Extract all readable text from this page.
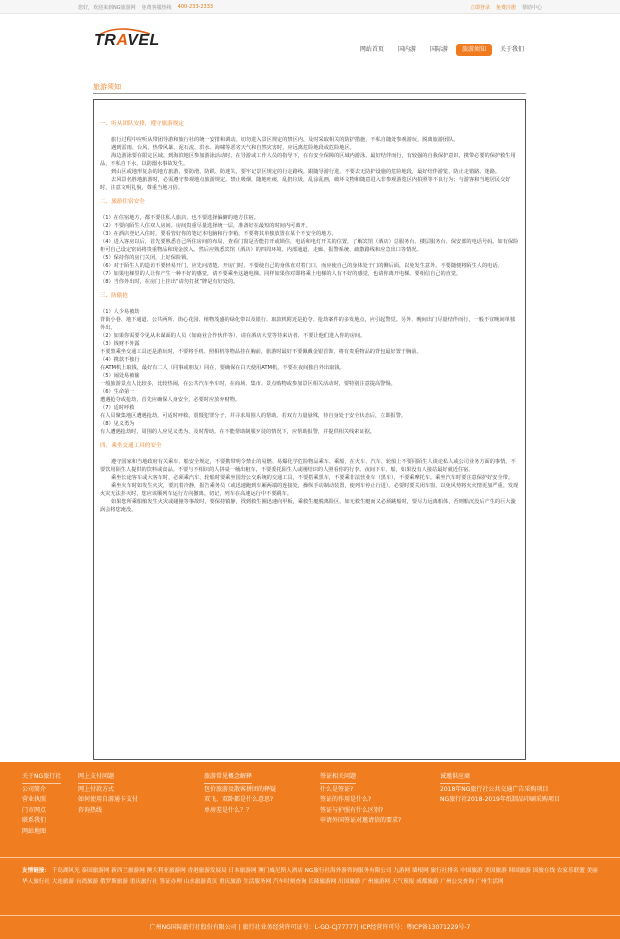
您好，欢迎来到NG旅游网 免费客服热线 400-233-2333	立即登录 免费注册 帮助中心
TRAVEL
网站首页	国内游	国际游	旅游须知	关于我们
旅游须知
一、听从团队安排，遵守旅游规定

旅行过程中应听从带团导游和旅行社的统一安排和调动。切勿进入景区规定的禁区内，及时采取相关的防护措施，不私自随处参观游玩，脱离旅游团队。

遇到雷雨、台风、热带风暴、泥石流、洪水、海啸等恶劣天气和自然灾害时，应远离危险地段或危险地区。

海边游泳要在限定区域。到海滨地区参加游泳活动时，在导游或工作人员的指导下，在有安全保障的区域内游泳，最好结伴而行，有较强的自我保护意识，携带必要的保护救生用品，不私自下水，以防溺水事故发生。

到山区或地形复杂的地方旅游，要防滑、防跌、防迷失，要牢记景区规定的行走路线，跟随导游行进，不要去无防护设施的危险地段，最好结伴游览，防止走错路、迷路。

去风景名胜地旅游时，必需遵守参观地点旅游规定。禁止吸烟，随地吐痰，乱扔垃圾，乱涂乱画，破坏文物和随意进入非参观游览区内拍照等不良行为；与游客和当地居民交好时，注意文明礼貌，尊重当地习俗。

二、旅游住宿安全

（1）在住宿地方，都不要住私人旅店，也不要选择偏僻的地方住宿。

（2）不要向陌生人住双人房间。房间贵重尽量选择统一层，准备好在最短的时间内可离开。

（3）在酒店登记入住时，要看管好你的笔记本电脑和行李箱，不要将其单独放置在某个不安全的地方。

（4）进入客房以后，首先要熟悉自己所住房间的布局，查看门窗是否能打开或锁住，电话和电灯开关的位置，了解宾馆（酒店）总服务台、楼层服务台、保安部的电话号码。如有保险柜可自己设定密码将贵重物品和现金放入。然后应熟悉宾馆（酒店）的四周环境、内部通道、走廊、报警系统、疏散路线和应急出口等情况。

（5）保持你的房门关闭，上好保险锁。

（6）对于陌生人的造访不要轻易开门，应先问清楚。开房门时，不要使自己的身体直对着门口，而应使自己的身体处于门的侧后面，以免发生意外。不要随便将陌生人的电话。

（7）如果电梯里的人让你产生一种不好的感觉，请不要乘坐这趟电梯。同样如果你对即将乘上电梯的人有不好的感觉，也请你离开电梯。要相信自己的直觉。

（8）当你外出时，在房门上挂出“请勿打扰”牌是有好处的。

三、防偷抢

（1）人少易被劫

背街小巷、地下通道、公共两所、街心花园、植物茂盛的绿化带以及银行、取款机附近是抢夺、抢劫案件的多发地点，应引起警觉。另外，晚间出门尽量结伴而行，一般不宜晚间单独外出。

（2）如果你需要令见从未谋面的人员（如商业合作伙伴等），请在酒店大堂等待来访者，不要让他们进入你的房间。

（3）钱财不外露

不要黑乘坐交通工具还是游玩时，不要将手机、照相机等物品挂在胸前，旅游时最好不要佩戴金银首饰，将有贵重物品的背包最好置于胸前。

（4）携款不独行

在ATM机上取钱，最好有二人（同事或朋友）同在，要确保在白天使用ATM机，不要在夜间独自外出取钱。

（5）闹处易被偷

一般旅游景点人比较多，比较热闹，在公共汽车坐车时，在商场、集市、景点购物或参加景区相关活动时，要特别注意提高警惕。

（6）生命第一

遭遇抢夺或抢劫，首先应确保人身安全，必要时应放弃财物。

（7）适时呼救

在人员聚集地区遭遇抢劫，可适时呼救，震慑犯罪分子，并寻求周围人的帮助。若双方力量悬殊，待自身处于安全状态后，立即报警。

（8）见义勇为

有人遭遇抢劫时，周围的人应见义勇为，及时帮助。在不能帮助制服歹徒的情况下，应帮助报警，并提供相关线索证据。

四、乘坐交通工具的安全

遵守国家和当地政府有关乘车、船安全规定，不要携带明令禁止的易燃、易爆化学危险物品乘车、乘船，在火车、汽车、轮船上不要同陌生人谈论私人或公司业务方面的事情。不要饮用陌生人提供的饮料或食品。不要与不相识的人拼桌一桶出租车，不要委托陌生人或刚结识的人照看你的行李。夜间下车、船，如果没有人接站最好就近住宿。

乘坐长途客车或大客车时，必须乘汽车、轮船时要乘坐国营公交系统的交通工具，不要搭乘黑车，不要乘非法营业车（黑车），不要乘摩托车。乘坐汽车时要注意保护好安全带。

乘坐火车时如发生火灾，要沉着冷静，报告乘务员（或迅速跑到车厢两端的连接处，操纵手动制动装置，使列车停止行进）。必要时要关闭车窗，以免风势将火火情更加严重。发现火灾无法扑灭时，您应该顺列车运行方向撤离。切记，列车在高速运行中不要跳车。

如果您所乘船舶发生火灾或碰撞等事故时，要保持镇静，找到救生圈迅速向甲板，乘救生艇脱离险区。如无救生艇而又必须跳船时，要尽力远离船体，否则船沉没后产生的巨大漩涡会将您淹没。

关于NG旅行社
公司简介
营业执照
门市网点
联系我们
网站地图
网上支付问题
网上付款方式
如何使用自游通卡支付
咨询热线
旅游常见概念解释
包价旅游及散客拼团的释疑
双飞、双卧都是什么意思?
单房差是什么？？
签证相关问题
什么是签证?
签证的作用是什么?
签证与护照有什么区别?
申请外国签证对邀请信的要求?
诚邀供应商
2018年NG旅行社公共交通广告采购项目
NG旅行社2018-2019年纸制品印刷采购项目
友情链接： 千岛湖风光 泰国旅游网 新西兰旅游网 澳大利亚旅游网 香港旅游发展局 日本旅游网 澳门威尼斯人酒店 NG旅行社海外游咨询服务有限公司 九游网 墙根网 旅行社排名 中国旅游 美国旅游 韩国旅游 国旅在线 农家乐联盟 美丽华人旅行社 大连旅游 台湾旅游 俄罗斯旅游 重庆旅行社 签证办理 山水旅游黄页 重庆旅游 生活服务网 汽车时刻查询 长隆旅游网 出国旅游 广州旅游网 天气预报 成都旅游 广州公交查询 广州生活网
广州NG国际旅行社股份有限公司 | 旅行社业务经营许可证号：L-GD-CJ77777| ICP经营许可号：粤ICP备13071229号-7
